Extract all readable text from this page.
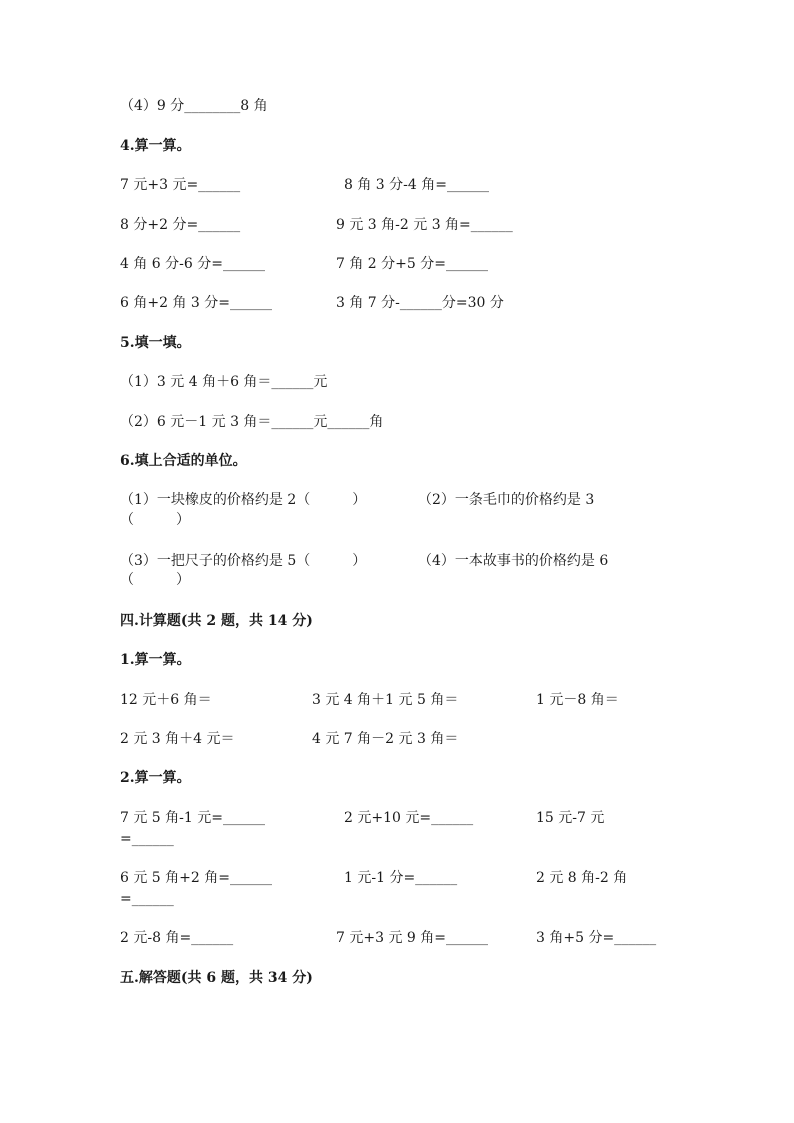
（4）9 分________8 角
4.算一算。
7 元+3 元=______	8 角 3 分-4 角=______
8 分+2 分=______	9 元 3 角-2 元 3 角=______
4 角 6 分-6 分=______	7 角 2 分+5 分=______
6 角+2 角 3 分=______	3 角 7 分-______分=30 分
5.填一填。
（1）3 元 4 角＋6 角＝______元
（2）6 元－1 元 3 角＝______元______角
6.填上合适的单位。
（1）一块橡皮的价格约是 2（　　　）	（2）一条毛巾的价格约是 3
（　　　）
（3）一把尺子的价格约是 5（　　　）	（4）一本故事书的价格约是 6
（　　　）
四.计算题(共 2 题，共 14 分)
1.算一算。
12 元＋6 角＝	3 元 4 角＋1 元 5 角＝	1 元－8 角＝
2 元 3 角＋4 元＝	4 元 7 角－2 元 3 角＝
2.算一算。
7 元 5 角-1 元=______	2 元+10 元=______	15 元-7 元
=______
6 元 5 角+2 角=______	1 元-1 分=______	2 元 8 角-2 角
=______
2 元-8 角=______	7 元+3 元 9 角=______	3 角+5 分=______
五.解答题(共 6 题，共 34 分)
